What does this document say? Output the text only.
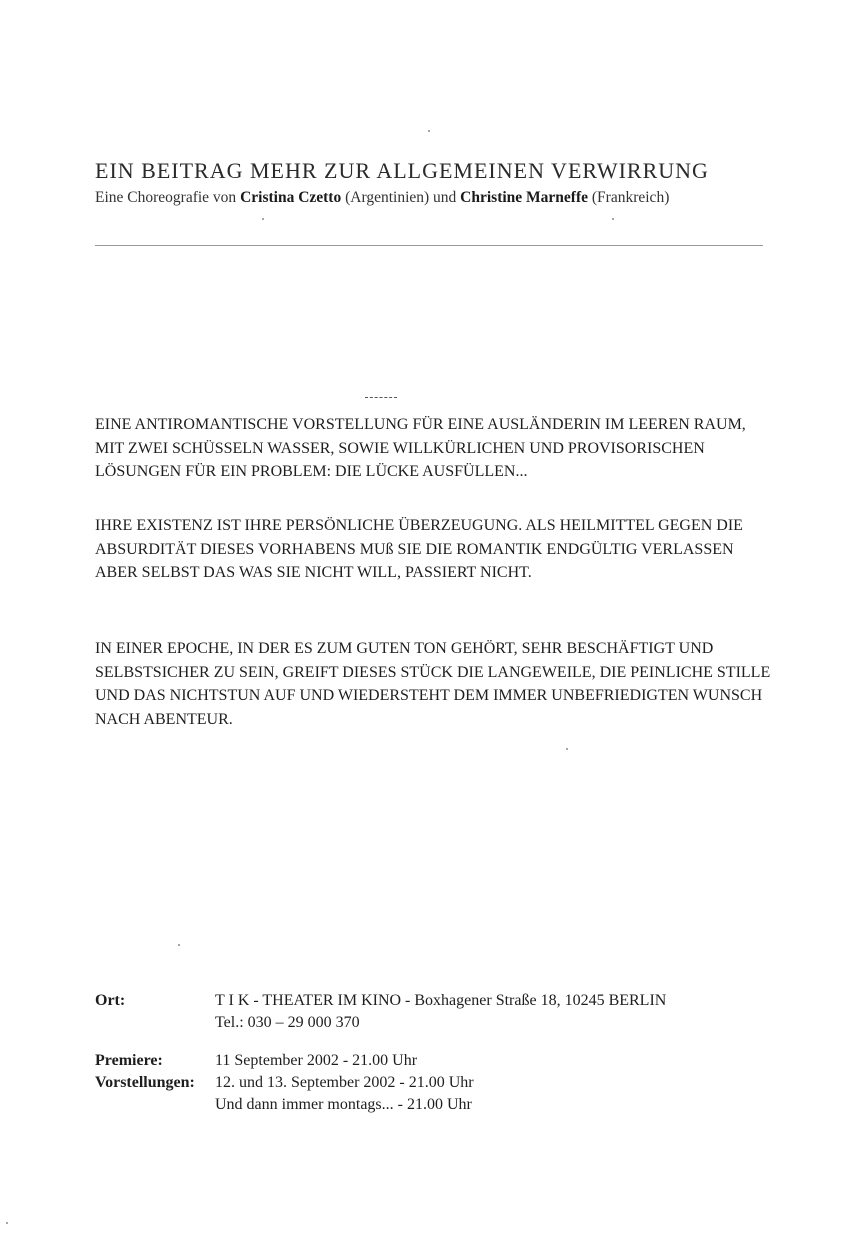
EIN BEITRAG MEHR ZUR ALLGEMEINEN VERWIRRUNG
Eine Choreografie von Cristina Czetto (Argentinien) und Christine Marneffe (Frankreich)

EINE ANTIROMANTISCHE VORSTELLUNG FÜR EINE AUSLÄNDERIN IM LEEREN RAUM, MIT ZWEI SCHÜSSELN WASSER, SOWIE WILLKÜRLICHEN UND PROVISORISCHEN LÖSUNGEN FÜR EIN PROBLEM: DIE LÜCKE AUSFÜLLEN...

IHRE EXISTENZ IST IHRE PERSÖNLICHE ÜBERZEUGUNG. ALS HEILMITTEL GEGEN DIE ABSURDITÄT DIESES VORHABENS MUß SIE DIE ROMANTIK ENDGÜLTIG VERLASSEN ABER SELBST DAS WAS SIE NICHT WILL, PASSIERT NICHT.

IN EINER EPOCHE, IN DER ES ZUM GUTEN TON GEHÖRT, SEHR BESCHÄFTIGT UND SELBSTSICHER ZU SEIN, GREIFT DIESES STÜCK DIE LANGEWEILE, DIE PEINLICHE STILLE UND DAS NICHTSTUN AUF UND WIEDERSTEHT DEM IMMER UNBEFRIEDIGTEN WUNSCH NACH ABENTEUR.

Ort:	T I K - THEATER IM KINO - Boxhagener Straße 18, 10245 BERLIN
Tel.: 030 – 29 000 370
Premiere:	11 September 2002 - 21.00 Uhr
Vorstellungen: 12. und 13. September 2002 - 21.00 Uhr
Und dann immer montags... - 21.00 Uhr
